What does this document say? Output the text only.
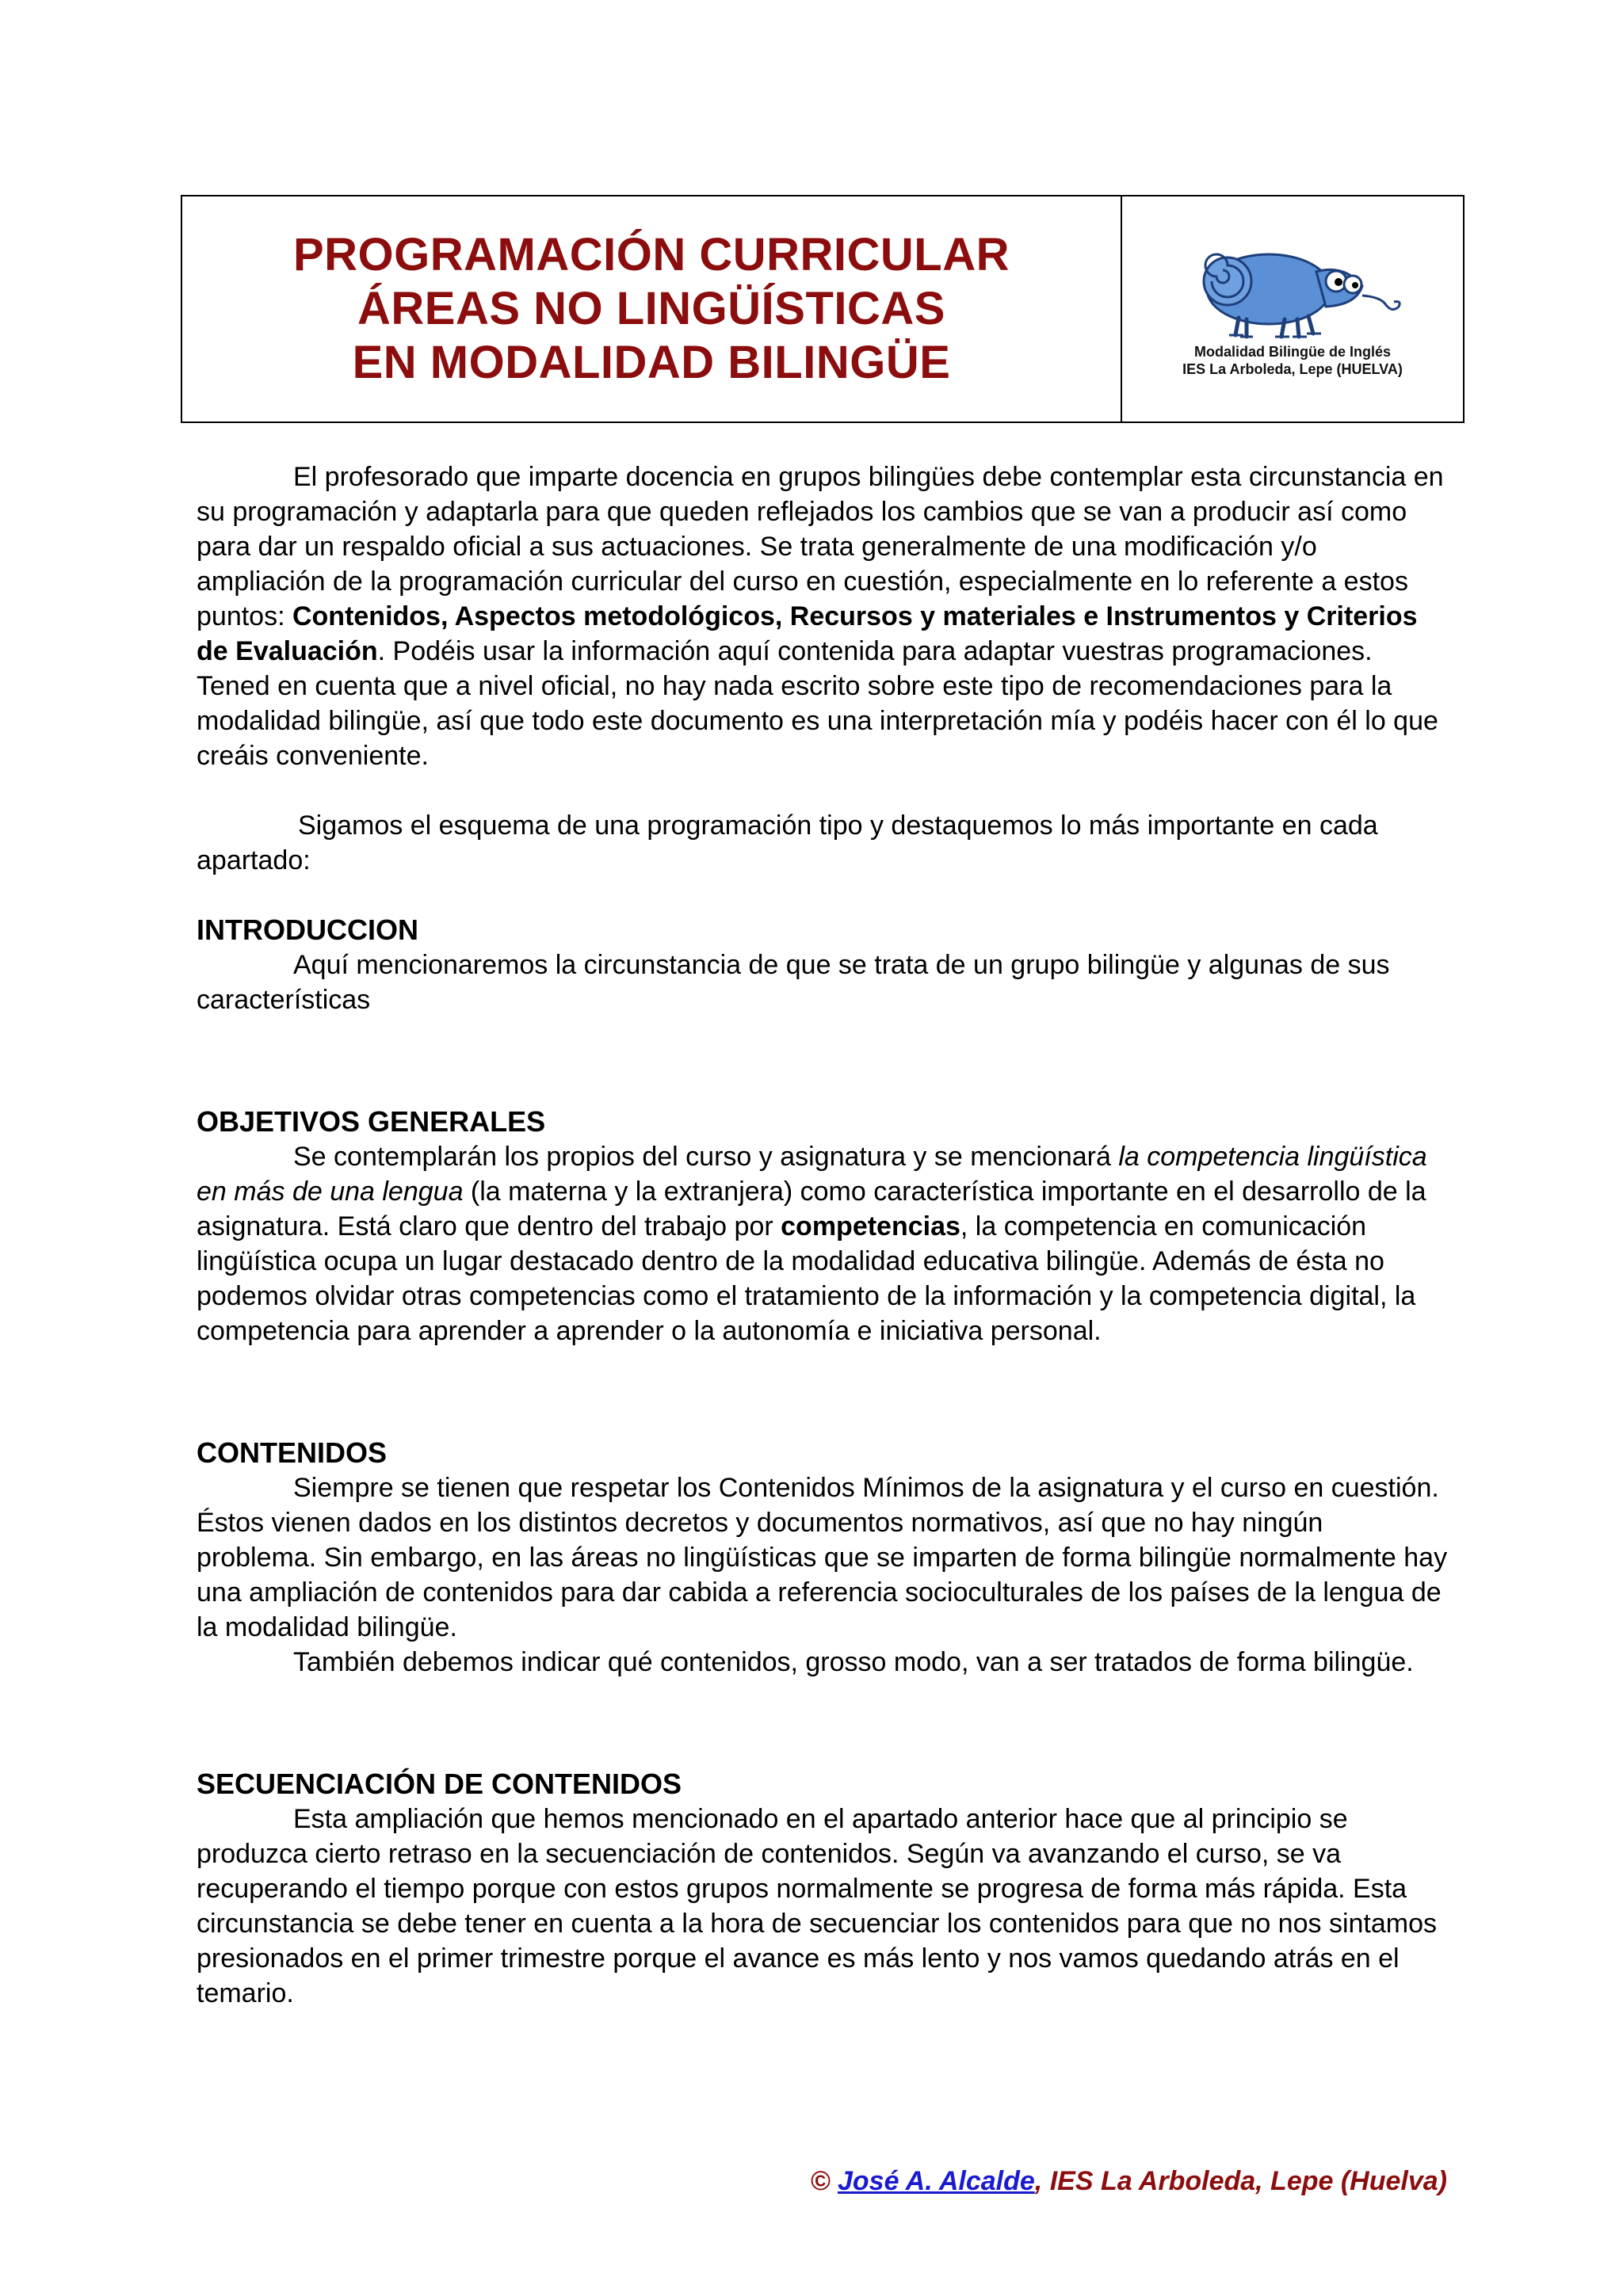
PROGRAMACIÓN CURRICULAR
ÁREAS NO LINGÜÍSTICAS
EN MODALIDAD BILINGÜE	Modalidad Bilingüe de Inglés
IES La Arboleda, Lepe (HUELVA)

El profesorado que imparte docencia en grupos bilingües debe contemplar esta circunstancia en su programación y adaptarla para que queden reflejados los cambios que se van a producir así como para dar un respaldo oficial a sus actuaciones. Se trata generalmente de una modificación y/o ampliación de la programación curricular del curso en cuestión, especialmente en lo referente a estos puntos: Contenidos, Aspectos metodológicos, Recursos y materiales e Instrumentos y Criterios de Evaluación. Podéis usar la información aquí contenida para adaptar vuestras programaciones. Tened en cuenta que a nivel oficial, no hay nada escrito sobre este tipo de recomendaciones para la modalidad bilingüe, así que todo este documento es una interpretación mía y podéis hacer con él lo que creáis conveniente.

Sigamos el esquema de una programación tipo y destaquemos lo más importante en cada apartado:

INTRODUCCION

Aquí mencionaremos la circunstancia de que se trata de un grupo bilingüe y algunas de sus características

OBJETIVOS GENERALES

Se contemplarán los propios del curso y asignatura y se mencionará la competencia lingüística en más de una lengua (la materna y la extranjera) como característica importante en el desarrollo de la asignatura. Está claro que dentro del trabajo por competencias, la competencia en comunicación lingüística ocupa un lugar destacado dentro de la modalidad educativa bilingüe. Además de ésta no podemos olvidar otras competencias como el tratamiento de la información y la competencia digital, la competencia para aprender a aprender o la autonomía e iniciativa personal.

CONTENIDOS

Siempre se tienen que respetar los Contenidos Mínimos de la asignatura y el curso en cuestión. Éstos vienen dados en los distintos decretos y documentos normativos, así que no hay ningún problema. Sin embargo, en las áreas no lingüísticas que se imparten de forma bilingüe normalmente hay una ampliación de contenidos para dar cabida a referencia socioculturales de los países de la lengua de la modalidad bilingüe.

También debemos indicar qué contenidos, grosso modo, van a ser tratados de forma bilingüe.

SECUENCIACIÓN DE CONTENIDOS

Esta ampliación que hemos mencionado en el apartado anterior hace que al principio se produzca cierto retraso en la secuenciación de contenidos. Según va avanzando el curso, se va recuperando el tiempo porque con estos grupos normalmente se progresa de forma más rápida. Esta circunstancia se debe tener en cuenta a la hora de secuenciar los contenidos para que no nos sintamos presionados en el primer trimestre porque el avance es más lento y nos vamos quedando atrás en el temario.

© José A. Alcalde, IES La Arboleda, Lepe (Huelva)
